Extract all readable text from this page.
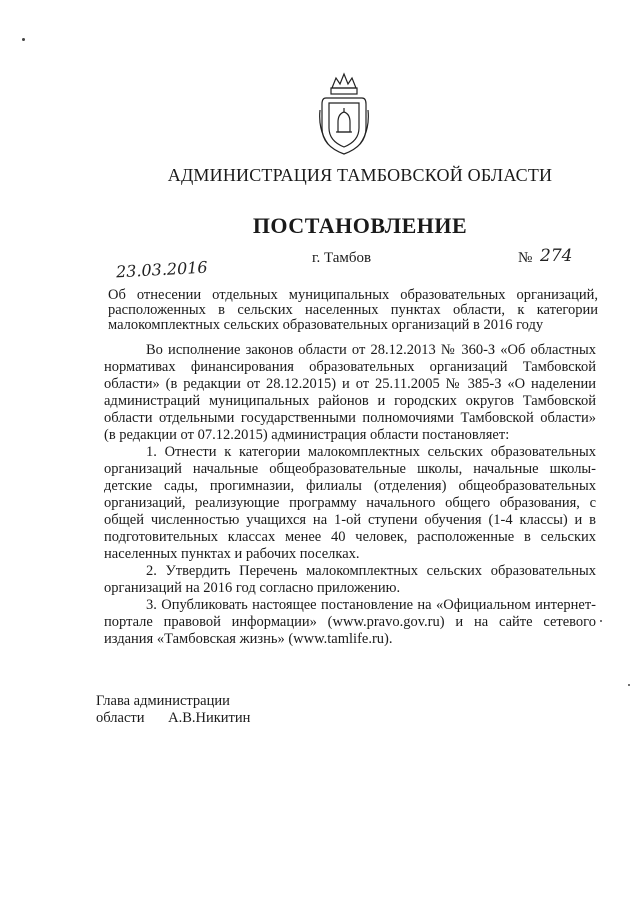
АДМИНИСТРАЦИЯ ТАМБОВСКОЙ ОБЛАСТИ
ПОСТАНОВЛЕНИЕ
23.03.2016	г. Тамбов	№ 274
Об отнесении отдельных муниципальных образовательных организаций, расположенных в сельских населенных пунктах области, к категории малокомплектных сельских образовательных организаций в 2016 году

Во исполнение законов области от 28.12.2013 № 360-З «Об областных нормативах финансирования образовательных организаций Тамбовской области» (в редакции от 28.12.2015) и от 25.11.2005 № 385-З «О наделении администраций муниципальных районов и городских округов Тамбовской области отдельными государственными полномочиями Тамбовской области» (в редакции от 07.12.2015) администрация области постановляет:

1. Отнести к категории малокомплектных сельских образовательных организаций начальные общеобразовательные школы, начальные школы-детские сады, прогимназии, филиалы (отделения) общеобразовательных организаций, реализующие программу начального общего образования, с общей численностью учащихся на 1-ой ступени обучения (1-4 классы) и в подготовительных классах менее 40 человек, расположенные в сельских населенных пунктах и рабочих поселках.

2. Утвердить Перечень малокомплектных сельских образовательных организаций на 2016 год согласно приложению.

3. Опубликовать настоящее постановление на «Официальном интернет-портале правовой информации» (www.pravo.gov.ru) и на сайте сетевого издания «Тамбовская жизнь» (www.tamlife.ru).

Глава администрации
области А.В.Никитин
